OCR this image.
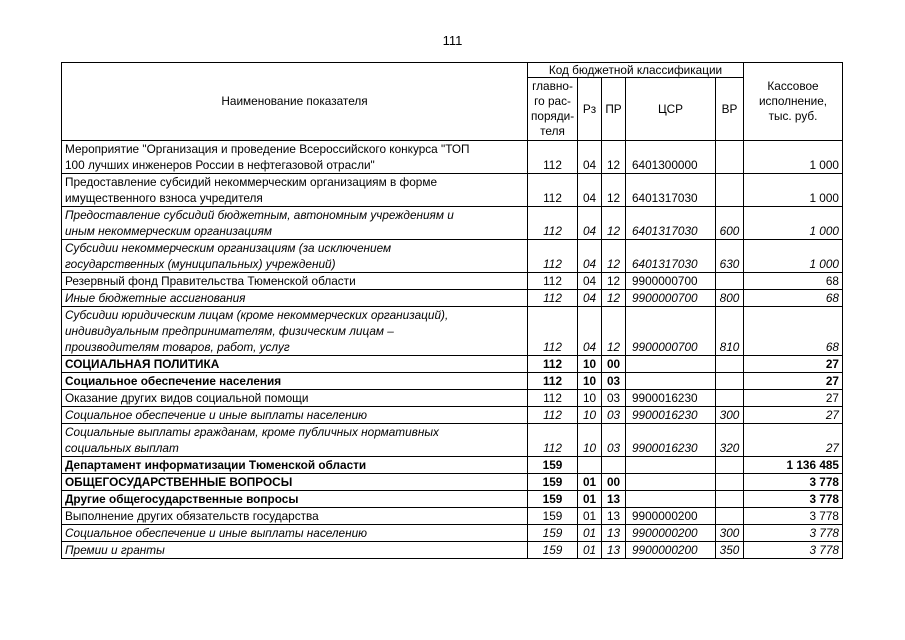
111
Наименование показателя	Код бюджетной классификации					Кассовое
исполнение,
тыс. руб.
	главно-
го рас-
поряди-
теля	Рз	ПР	ЦСР	ВР	
Мероприятие "Организация и проведение Всероссийского конкурса "ТОП
100 лучших инженеров России в нефтегазовой отрасли"	112	04	12	6401300000		1 000
Предоставление субсидий некоммерческим организациям в форме
имущественного взноса учредителя	112	04	12	6401317030		1 000
Предоставление субсидий бюджетным, автономным учреждениям и
иным некоммерческим организациям	112	04	12	6401317030	600	1 000
Субсидии некоммерческим организациям (за исключением
государственных (муниципальных) учреждений)	112	04	12	6401317030	630	1 000
Резервный фонд Правительства Тюменской области	112	04	12	9900000700		68
Иные бюджетные ассигнования	112	04	12	9900000700	800	68
Субсидии юридическим лицам (кроме некоммерческих организаций),
индивидуальным предпринимателям, физическим лицам –
производителям товаров, работ, услуг	112	04	12	9900000700	810	68
СОЦИАЛЬНАЯ ПОЛИТИКА	112	10	00			27
Социальное обеспечение населения	112	10	03			27
Оказание других видов социальной помощи	112	10	03	9900016230		27
Социальное обеспечение и иные выплаты населению	112	10	03	9900016230	300	27
Социальные выплаты гражданам, кроме публичных нормативных
социальных выплат	112	10	03	9900016230	320	27
Департамент информатизации Тюменской области	159					1 136 485
ОБЩЕГОСУДАРСТВЕННЫЕ ВОПРОСЫ	159	01	00			3 778
Другие общегосударственные вопросы	159	01	13			3 778
Выполнение других обязательств государства	159	01	13	9900000200		3 778
Социальное обеспечение и иные выплаты населению	159	01	13	9900000200	300	3 778
Премии и гранты	159	01	13	9900000200	350	3 778
